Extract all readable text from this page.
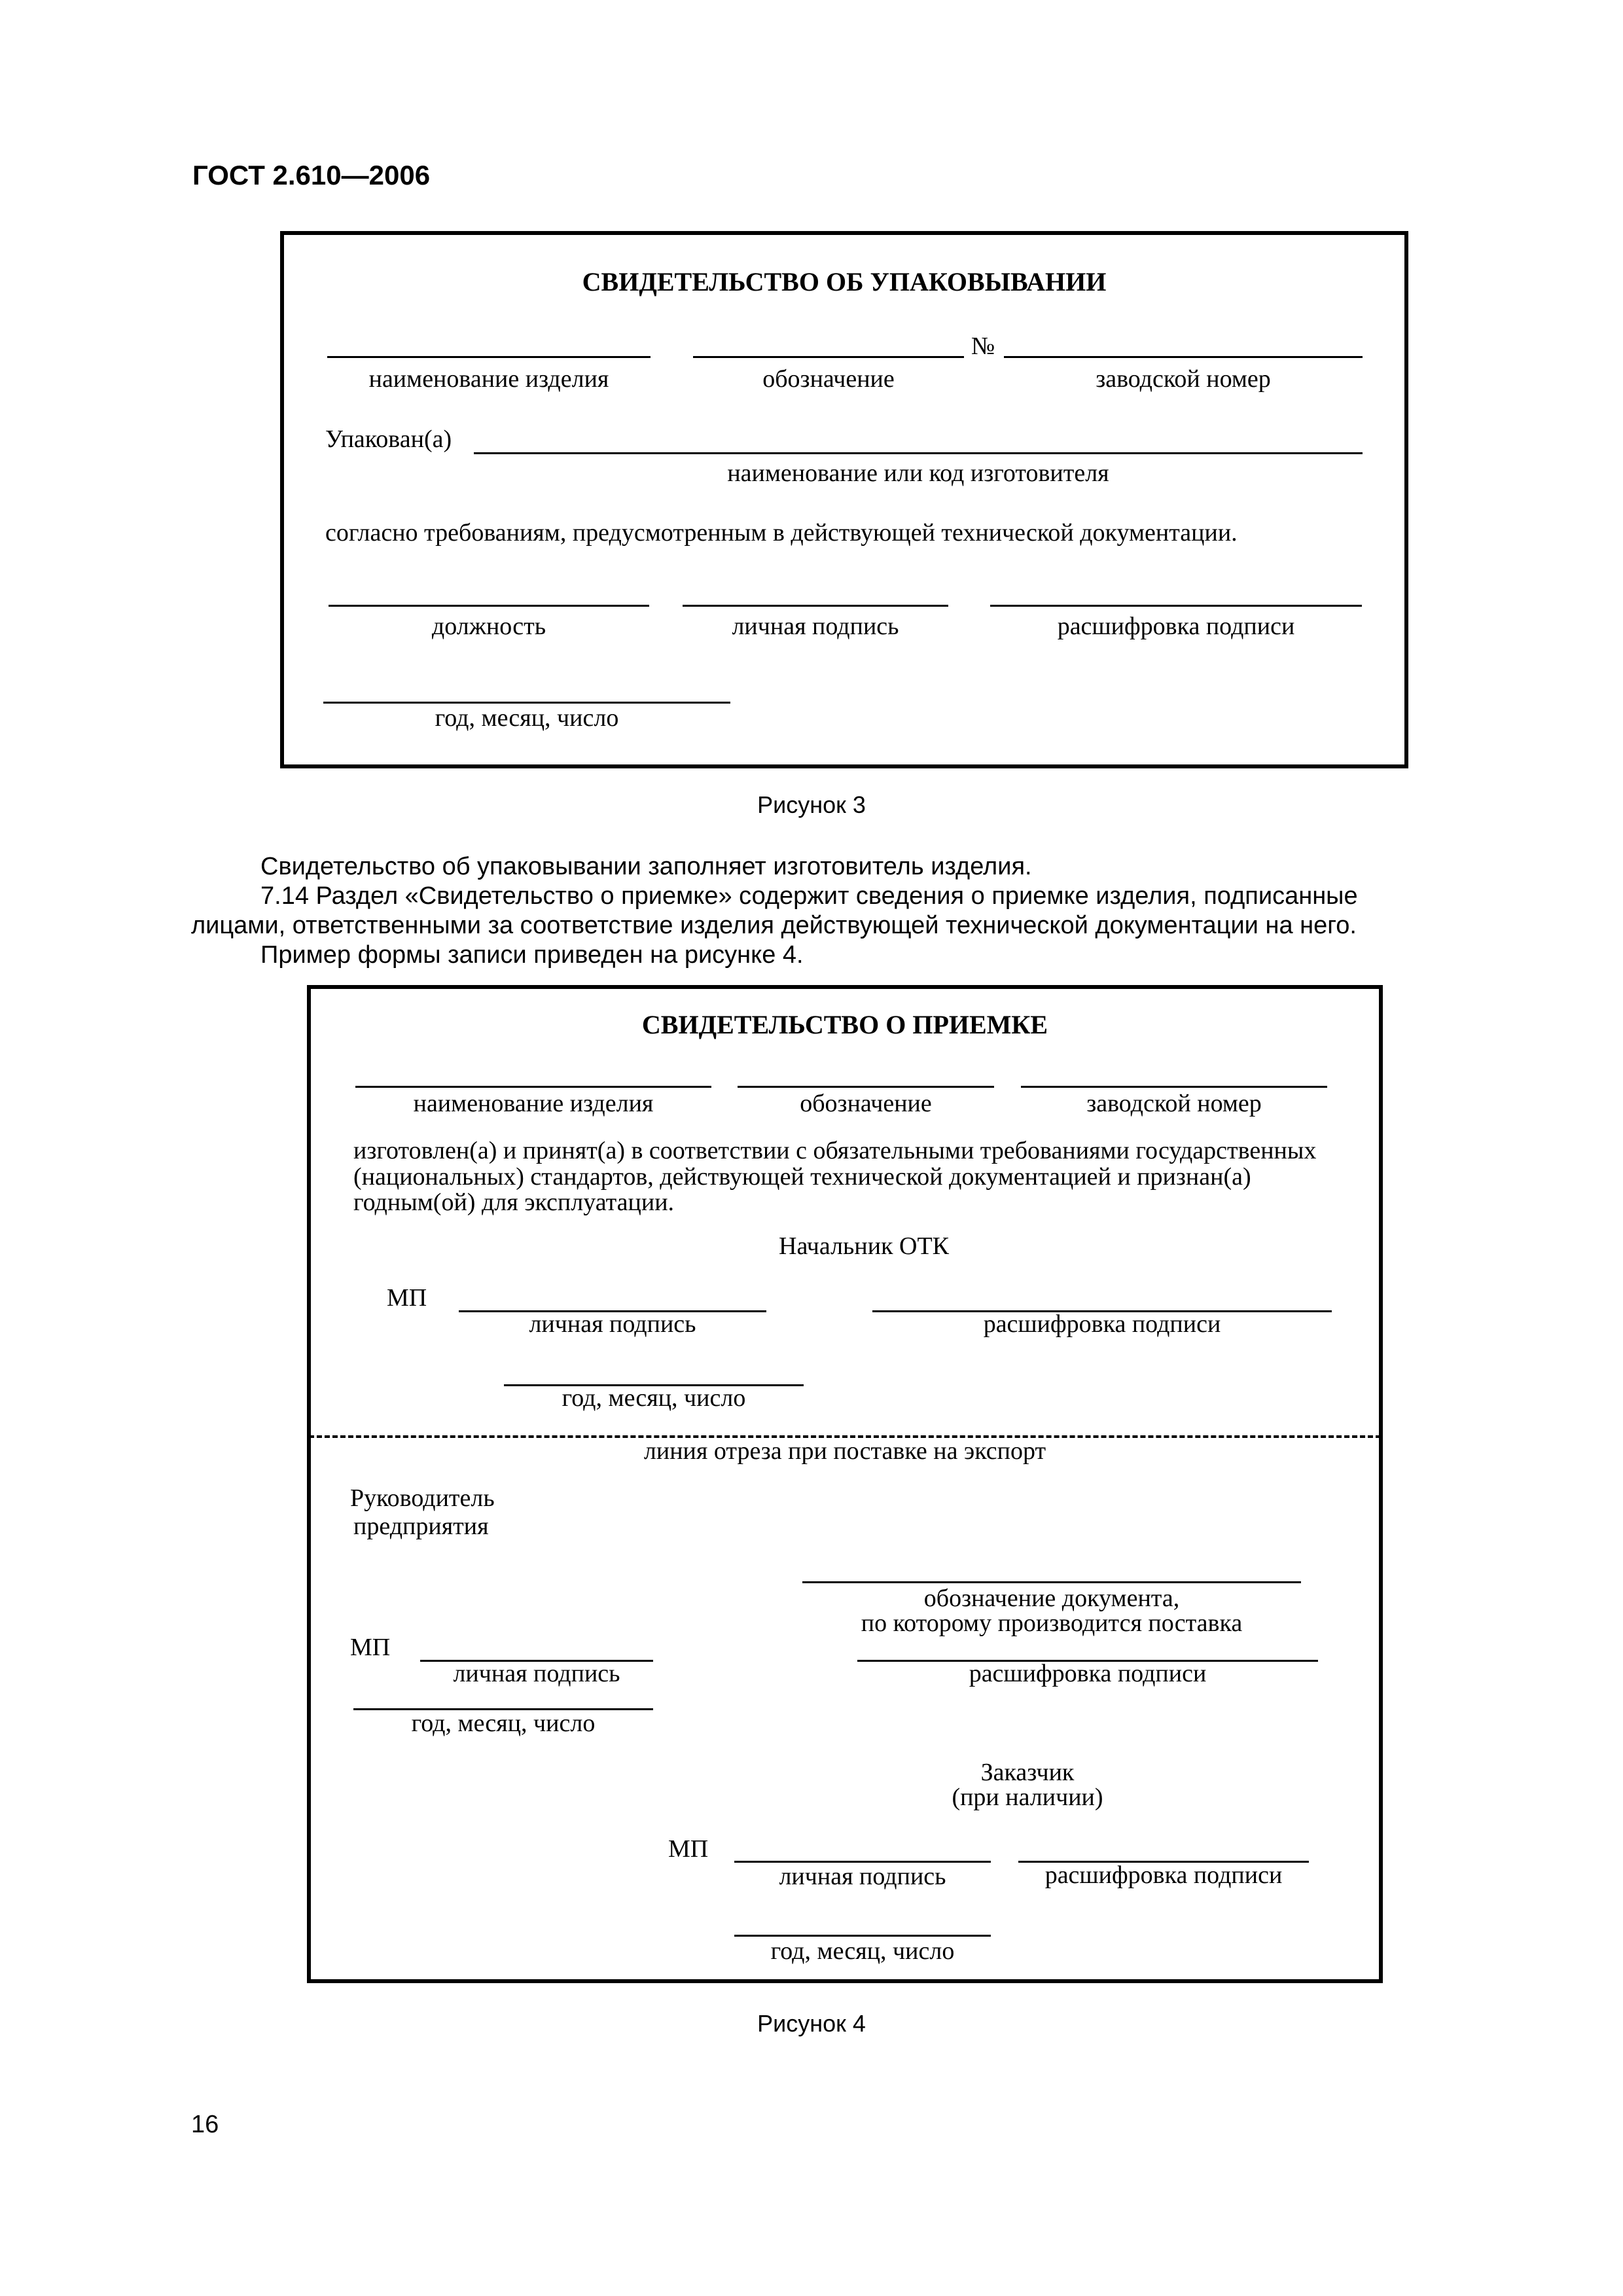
ГОСТ 2.610—2006
СВИДЕТЕЛЬСТВО ОБ УПАКОВЫВАНИИ
№
наименование изделия	обозначение	заводской номер
Упакован(а)
наименование или код изготовителя
согласно требованиям, предусмотренным в действующей технической документации.
должность	личная подпись	расшифровка подписи
год, месяц, число
Рисунок 3
Свидетельство об упаковывании заполняет изготовитель изделия.
7.14 Раздел «Свидетельство о приемке» содержит сведения о приемке изделия, подписанные
лицами, ответственными за соответствие изделия действующей технической документации на него.
Пример формы записи приведен на рисунке 4.
СВИДЕТЕЛЬСТВО О ПРИЕМКЕ
наименование изделия	обозначение	заводской номер
изготовлен(а) и принят(а) в соответствии с обязательными требованиями государственных
(национальных) стандартов, действующей технической документацией и признан(а)
годным(ой) для эксплуатации.
Начальник ОТК
МП
личная подпись	расшифровка подписи
год, месяц, число
линия отреза при поставке на экспорт
Руководитель
предприятия
обозначение документа,
по которому производится поставка
МП
личная подпись	расшифровка подписи
год, месяц, число
Заказчик
(при наличии)
МП
личная подпись	расшифровка подписи
год, месяц, число
Рисунок 4
16
